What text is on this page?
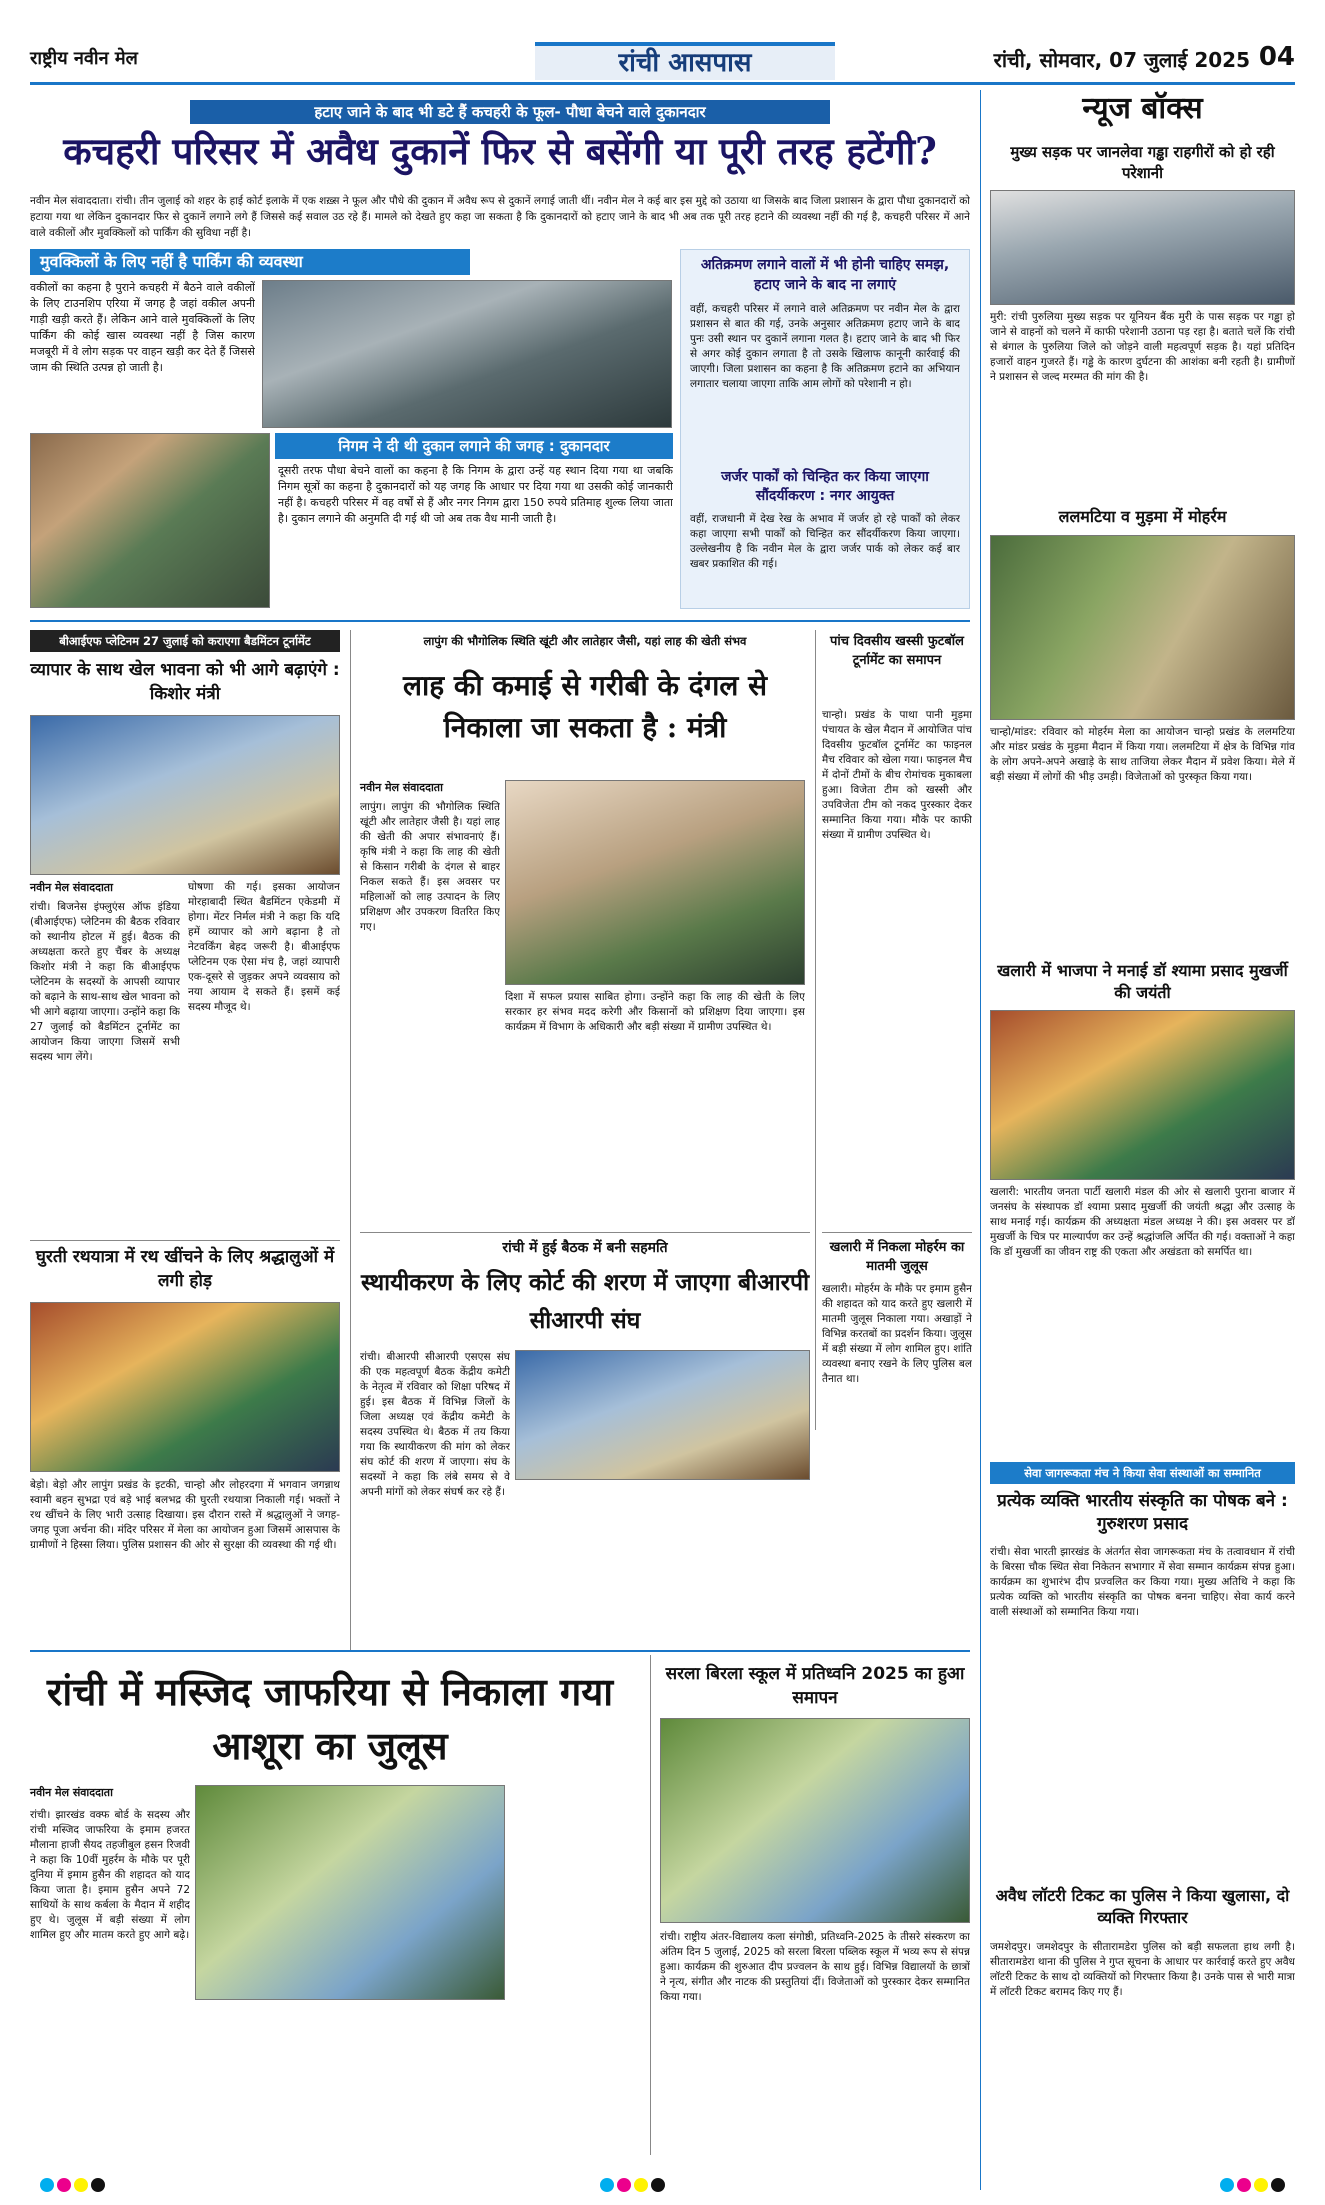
राष्ट्रीय नवीन मेल	रांची आसपास	रांची, सोमवार, 07 जुलाई 2025 04
हटाए जाने के बाद भी डटे हैं कचहरी के फूल- पौधा बेचने वाले दुकानदार
कचहरी परिसर में अवैध दुकानें फिर से बसेंगी या पूरी तरह हटेंगी?
नवीन मेल संवाददाता। रांची। तीन जुलाई को शहर के हाई कोर्ट इलाके में एक शख़्स ने फूल और पौधे की दुकान में अवैध रूप से दुकानें लगाई जाती थीं। नवीन मेल ने कई बार इस मुद्दे को उठाया था जिसके बाद जिला प्रशासन के द्वारा पौधा दुकानदारों को हटाया गया था लेकिन दुकानदार फिर से दुकानें लगाने लगे हैं जिससे कई सवाल उठ रहे हैं। मामले को देखते हुए कहा जा सकता है कि दुकानदारों को हटाए जाने के बाद भी अब तक पूरी तरह हटाने की व्यवस्था नहीं की गई है, कचहरी परिसर में आने वाले वकीलों और मुवक्किलों को पार्किंग की सुविधा नहीं है।
मुवक्किलों के लिए नहीं है पार्किंग की व्यवस्था
वकीलों का कहना है पुराने कचहरी में बैठने वाले वकीलों के लिए टाउनशिप एरिया में जगह है जहां वकील अपनी गाड़ी खड़ी करते हैं। लेकिन आने वाले मुवक्किलों के लिए पार्किंग की कोई खास व्यवस्था नहीं है जिस कारण मजबूरी में वे लोग सड़क पर वाहन खड़ी कर देते हैं जिससे जाम की स्थिति उत्पन्न हो जाती है।
निगम ने दी थी दुकान लगाने की जगह : दुकानदार
दूसरी तरफ पौधा बेचने वालों का कहना है कि निगम के द्वारा उन्हें यह स्थान दिया गया था जबकि निगम सूत्रों का कहना है दुकानदारों को यह जगह कि आधार पर दिया गया था उसकी कोई जानकारी नहीं है। कचहरी परिसर में वह वर्षों से हैं और नगर निगम द्वारा 150 रुपये प्रतिमाह शुल्क लिया जाता है। दुकान लगाने की अनुमति दी गई थी जो अब तक वैध मानी जाती है।
अतिक्रमण लगाने वालों में भी होनी चाहिए समझ, हटाए जाने के बाद ना लगाएं
वहीं, कचहरी परिसर में लगाने वाले अतिक्रमण पर नवीन मेल के द्वारा प्रशासन से बात की गई, उनके अनुसार अतिक्रमण हटाए जाने के बाद पुनः उसी स्थान पर दुकानें लगाना गलत है। हटाए जाने के बाद भी फिर से अगर कोई दुकान लगाता है तो उसके खिलाफ कानूनी कार्रवाई की जाएगी। जिला प्रशासन का कहना है कि अतिक्रमण हटाने का अभियान लगातार चलाया जाएगा ताकि आम लोगों को परेशानी न हो।
जर्जर पार्कों को चिन्हित कर किया जाएगा सौंदर्यीकरण : नगर आयुक्त
वहीं, राजधानी में देख रेख के अभाव में जर्जर हो रहे पार्कों को लेकर कहा जाएगा सभी पार्कों को चिन्हित कर सौंदर्यीकरण किया जाएगा। उल्लेखनीय है कि नवीन मेल के द्वारा जर्जर पार्क को लेकर कई बार खबर प्रकाशित की गई।
न्यूज बॉक्स
मुख्य सड़क पर जानलेवा गड्ढा राहगीरों को हो रही परेशानी
मुरी: रांची पुरुलिया मुख्य सड़क पर यूनियन बैंक मुरी के पास सड़क पर गड्ढा हो जाने से वाहनों को चलने में काफी परेशानी उठाना पड़ रहा है। बताते चलें कि रांची से बंगाल के पुरुलिया जिले को जोड़ने वाली महत्वपूर्ण सड़क है। यहां प्रतिदिन हजारों वाहन गुजरते हैं। गड्ढे के कारण दुर्घटना की आशंका बनी रहती है। ग्रामीणों ने प्रशासन से जल्द मरम्मत की मांग की है।
ललमटिया व मुड़मा में मोहर्रम
चान्हो/मांडर: रविवार को मोहर्रम मेला का आयोजन चान्हो प्रखंड के ललमटिया और मांडर प्रखंड के मुड़मा मैदान में किया गया। ललमटिया में क्षेत्र के विभिन्न गांव के लोग अपने-अपने अखाड़े के साथ ताजिया लेकर मैदान में प्रवेश किया। मेले में बड़ी संख्या में लोगों की भीड़ उमड़ी। विजेताओं को पुरस्कृत किया गया।
खलारी में भाजपा ने मनाई डॉ श्यामा प्रसाद मुखर्जी की जयंती
खलारी: भारतीय जनता पार्टी खलारी मंडल की ओर से खलारी पुराना बाजार में जनसंघ के संस्थापक डॉ श्यामा प्रसाद मुखर्जी की जयंती श्रद्धा और उत्साह के साथ मनाई गई। कार्यक्रम की अध्यक्षता मंडल अध्यक्ष ने की। इस अवसर पर डॉ मुखर्जी के चित्र पर माल्यार्पण कर उन्हें श्रद्धांजलि अर्पित की गई। वक्ताओं ने कहा कि डॉ मुखर्जी का जीवन राष्ट्र की एकता और अखंडता को समर्पित था।
सेवा जागरूकता मंच ने किया सेवा संस्थाओं का सम्मानित
प्रत्येक व्यक्ति भारतीय संस्कृति का पोषक बने : गुरुशरण प्रसाद
रांची। सेवा भारती झारखंड के अंतर्गत सेवा जागरूकता मंच के तत्वावधान में रांची के बिरसा चौक स्थित सेवा निकेतन सभागार में सेवा सम्मान कार्यक्रम संपन्न हुआ। कार्यक्रम का शुभारंभ दीप प्रज्वलित कर किया गया। मुख्य अतिथि ने कहा कि प्रत्येक व्यक्ति को भारतीय संस्कृति का पोषक बनना चाहिए। सेवा कार्य करने वाली संस्थाओं को सम्मानित किया गया।
अवैध लॉटरी टिकट का पुलिस ने किया खुलासा, दो व्यक्ति गिरफ्तार
जमशेदपुर। जमशेदपुर के सीतारामडेरा पुलिस को बड़ी सफलता हाथ लगी है। सीतारामडेरा थाना की पुलिस ने गुप्त सूचना के आधार पर कार्रवाई करते हुए अवैध लॉटरी टिकट के साथ दो व्यक्तियों को गिरफ्तार किया है। उनके पास से भारी मात्रा में लॉटरी टिकट बरामद किए गए हैं।
बीआईएफ प्लेटिनम 27 जुलाई को कराएगा बैडमिंटन टूर्नामेंट
व्यापार के साथ खेल भावना को भी आगे बढ़ाएंगे : किशोर मंत्री
नवीन मेल संवाददाता
रांची। बिजनेस इंफ्लुएंस ऑफ इंडिया (बीआईएफ) प्लेटिनम की बैठक रविवार को स्थानीय होटल में हुई। बैठक की अध्यक्षता करते हुए चैंबर के अध्यक्ष किशोर मंत्री ने कहा कि बीआईएफ प्लेटिनम के सदस्यों के आपसी व्यापार को बढ़ाने के साथ-साथ खेल भावना को भी आगे बढ़ाया जाएगा। उन्होंने कहा कि 27 जुलाई को बैडमिंटन टूर्नामेंट का आयोजन किया जाएगा जिसमें सभी सदस्य भाग लेंगे।
घोषणा की गई। इसका आयोजन मोरहाबादी स्थित बैडमिंटन एकेडमी में होगा। मेंटर निर्मल मंत्री ने कहा कि यदि हमें व्यापार को आगे बढ़ाना है तो नेटवर्किंग बेहद जरूरी है। बीआईएफ प्लेटिनम एक ऐसा मंच है, जहां व्यापारी एक-दूसरे से जुड़कर अपने व्यवसाय को नया आयाम दे सकते हैं। इसमें कई सदस्य मौजूद थे।
घुरती रथयात्रा में रथ खींचने के लिए श्रद्धालुओं में लगी होड़
बेड़ो। बेड़ो और लापुंग प्रखंड के इटकी, चान्हो और लोहरदगा में भगवान जगन्नाथ स्वामी बहन सुभद्रा एवं बड़े भाई बलभद्र की घुरती रथयात्रा निकाली गई। भक्तों ने रथ खींचने के लिए भारी उत्साह दिखाया। इस दौरान रास्ते में श्रद्धालुओं ने जगह-जगह पूजा अर्चना की। मंदिर परिसर में मेला का आयोजन हुआ जिसमें आसपास के ग्रामीणों ने हिस्सा लिया। पुलिस प्रशासन की ओर से सुरक्षा की व्यवस्था की गई थी।
लापुंग की भौगोलिक स्थिति खूंटी और लातेहार जैसी, यहां लाह की खेती संभव
लाह की कमाई से गरीबी के दंगल से निकाला जा सकता है : मंत्री
नवीन मेल संवाददाता
लापुंग। लापुंग की भौगोलिक स्थिति खूंटी और लातेहार जैसी है। यहां लाह की खेती की अपार संभावनाएं हैं। कृषि मंत्री ने कहा कि लाह की खेती से किसान गरीबी के दंगल से बाहर निकल सकते हैं। इस अवसर पर महिलाओं को लाह उत्पादन के लिए प्रशिक्षण और उपकरण वितरित किए गए।
दिशा में सफल प्रयास साबित होगा। उन्होंने कहा कि लाह की खेती के लिए सरकार हर संभव मदद करेगी और किसानों को प्रशिक्षण दिया जाएगा। इस कार्यक्रम में विभाग के अधिकारी और बड़ी संख्या में ग्रामीण उपस्थित थे।
पांच दिवसीय खस्सी फुटबॉल टूर्नामेंट का समापन
चान्हो। प्रखंड के पाथा पानी मुड़मा पंचायत के खेल मैदान में आयोजित पांच दिवसीय फुटबॉल टूर्नामेंट का फाइनल मैच रविवार को खेला गया। फाइनल मैच में दोनों टीमों के बीच रोमांचक मुकाबला हुआ। विजेता टीम को खस्सी और उपविजेता टीम को नकद पुरस्कार देकर सम्मानित किया गया। मौके पर काफी संख्या में ग्रामीण उपस्थित थे।
खलारी में निकला मोहर्रम का मातमी जुलूस
खलारी। मोहर्रम के मौके पर इमाम हुसैन की शहादत को याद करते हुए खलारी में मातमी जुलूस निकाला गया। अखाड़ों ने विभिन्न करतबों का प्रदर्शन किया। जुलूस में बड़ी संख्या में लोग शामिल हुए। शांति व्यवस्था बनाए रखने के लिए पुलिस बल तैनात था।
रांची में हुई बैठक में बनी सहमति
स्थायीकरण के लिए कोर्ट की शरण में जाएगा बीआरपी सीआरपी संघ
रांची। बीआरपी सीआरपी एसएस संघ की एक महत्वपूर्ण बैठक केंद्रीय कमेटी के नेतृत्व में रविवार को शिक्षा परिषद में हुई। इस बैठक में विभिन्न जिलों के जिला अध्यक्ष एवं केंद्रीय कमेटी के सदस्य उपस्थित थे। बैठक में तय किया गया कि स्थायीकरण की मांग को लेकर संघ कोर्ट की शरण में जाएगा। संघ के सदस्यों ने कहा कि लंबे समय से वे अपनी मांगों को लेकर संघर्ष कर रहे हैं।
रांची में मस्जिद जाफरिया से निकाला गया आशूरा का जुलूस
नवीन मेल संवाददाता
रांची। झारखंड वक्फ बोर्ड के सदस्य और रांची मस्जिद जाफरिया के इमाम हजरत मौलाना हाजी सैयद तहजीबुल हसन रिजवी ने कहा कि 10वीं मुहर्रम के मौके पर पूरी दुनिया में इमाम हुसैन की शहादत को याद किया जाता है। इमाम हुसैन अपने 72 साथियों के साथ कर्बला के मैदान में शहीद हुए थे। जुलूस में बड़ी संख्या में लोग शामिल हुए और मातम करते हुए आगे बढ़े।
सरला बिरला स्कूल में प्रतिध्वनि 2025 का हुआ समापन
रांची। राष्ट्रीय अंतर-विद्यालय कला संगोष्ठी, प्रतिध्वनि-2025 के तीसरे संस्करण का अंतिम दिन 5 जुलाई, 2025 को सरला बिरला पब्लिक स्कूल में भव्य रूप से संपन्न हुआ। कार्यक्रम की शुरुआत दीप प्रज्वलन के साथ हुई। विभिन्न विद्यालयों के छात्रों ने नृत्य, संगीत और नाटक की प्रस्तुतियां दीं। विजेताओं को पुरस्कार देकर सम्मानित किया गया।
